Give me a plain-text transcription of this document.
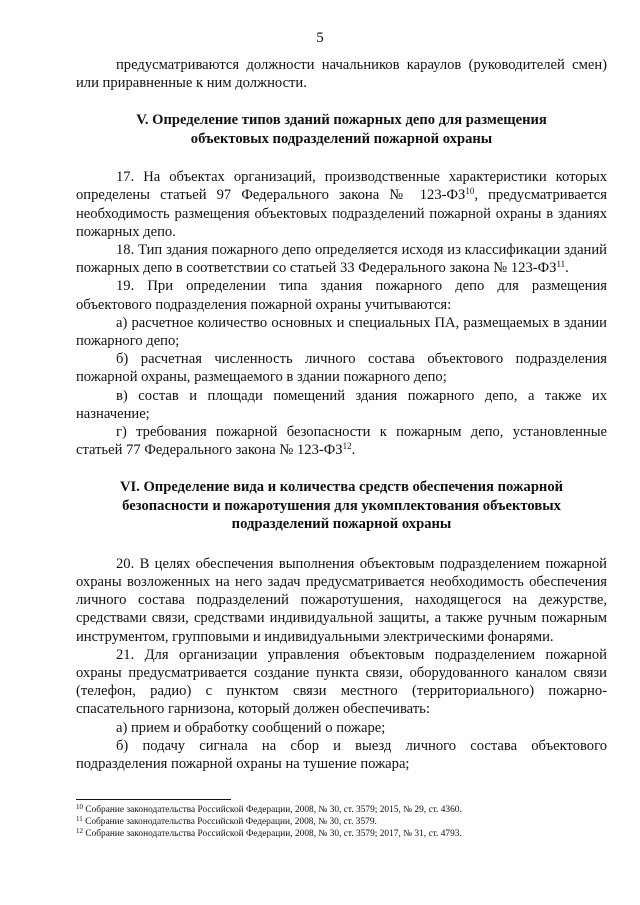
5

предусматриваются должности начальников караулов (руководителей смен) или приравненные к ним должности.

V. Определение типов зданий пожарных депо для размещения
объектовых подразделений пожарной охраны

17. На объектах организаций, производственные характеристики которых определены статьей 97 Федерального закона № 123-ФЗ$^{10}$, предусматривается необходимость размещения объектовых подразделений пожарной охраны в зданиях пожарных депо.

18. Тип здания пожарного депо определяется исходя из классификации зданий пожарных депо в соответствии со статьей 33 Федерального закона № 123-ФЗ$^{11}$.

19. При определении типа здания пожарного депо для размещения объектового подразделения пожарной охраны учитываются:

а) расчетное количество основных и специальных ПА, размещаемых в здании пожарного депо;

б) расчетная численность личного состава объектового подразделения пожарной охраны, размещаемого в здании пожарного депо;

в) состав и площади помещений здания пожарного депо, а также их назначение;

г) требования пожарной безопасности к пожарным депо, установленные статьей 77 Федерального закона № 123-ФЗ$^{12}$.

VI. Определение вида и количества средств обеспечения пожарной
безопасности и пожаротушения для укомплектования объектовых
подразделений пожарной охраны

20. В целях обеспечения выполнения объектовым подразделением пожарной охраны возложенных на него задач предусматривается необходимость обеспечения личного состава подразделений пожаротушения, находящегося на дежурстве, средствами связи, средствами индивидуальной защиты, а также ручным пожарным инструментом, групповыми и индивидуальными электрическими фонарями.

21. Для организации управления объектовым подразделением пожарной охраны предусматривается создание пункта связи, оборудованного каналом связи (телефон, радио) с пунктом связи местного (территориального) пожарно-спасательного гарнизона, который должен обеспечивать:

а) прием и обработку сообщений о пожаре;

б) подачу сигнала на сбор и выезд личного состава объектового подразделения пожарной охраны на тушение пожара;

$^{10}$ Собрание законодательства Российской Федерации, 2008, № 30, ст. 3579; 2015, № 29, ст. 4360.

$^{11}$ Собрание законодательства Российской Федерации, 2008, № 30, ст. 3579.

$^{12}$ Собрание законодательства Российской Федерации, 2008, № 30, ст. 3579; 2017, № 31, ст. 4793.
